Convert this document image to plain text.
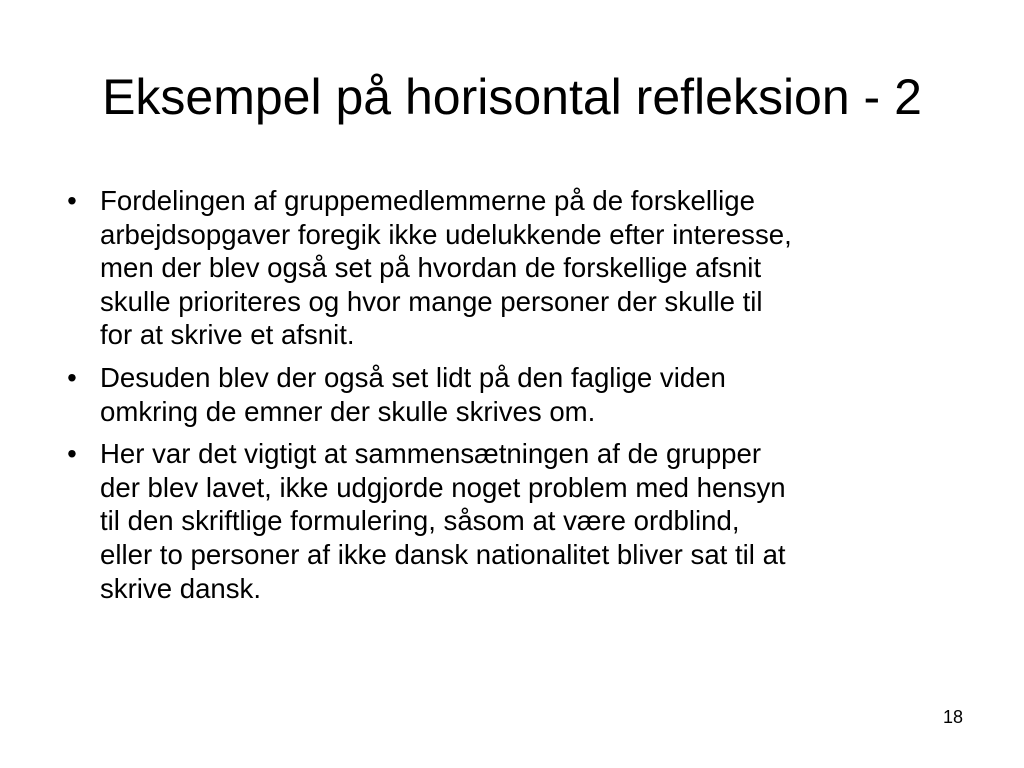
Eksempel på horisontal refleksion - 2
• Fordelingen af gruppemedlemmerne på de forskellige
arbejdsopgaver foregik ikke udelukkende efter interesse,
men der blev også set på hvordan de forskellige afsnit
skulle prioriteres og hvor mange personer der skulle til
for at skrive et afsnit.
• Desuden blev der også set lidt på den faglige viden
omkring de emner der skulle skrives om.
• Her var det vigtigt at sammensætningen af de grupper
der blev lavet, ikke udgjorde noget problem med hensyn
til den skriftlige formulering, såsom at være ordblind,
eller to personer af ikke dansk nationalitet bliver sat til at
skrive dansk.
18
